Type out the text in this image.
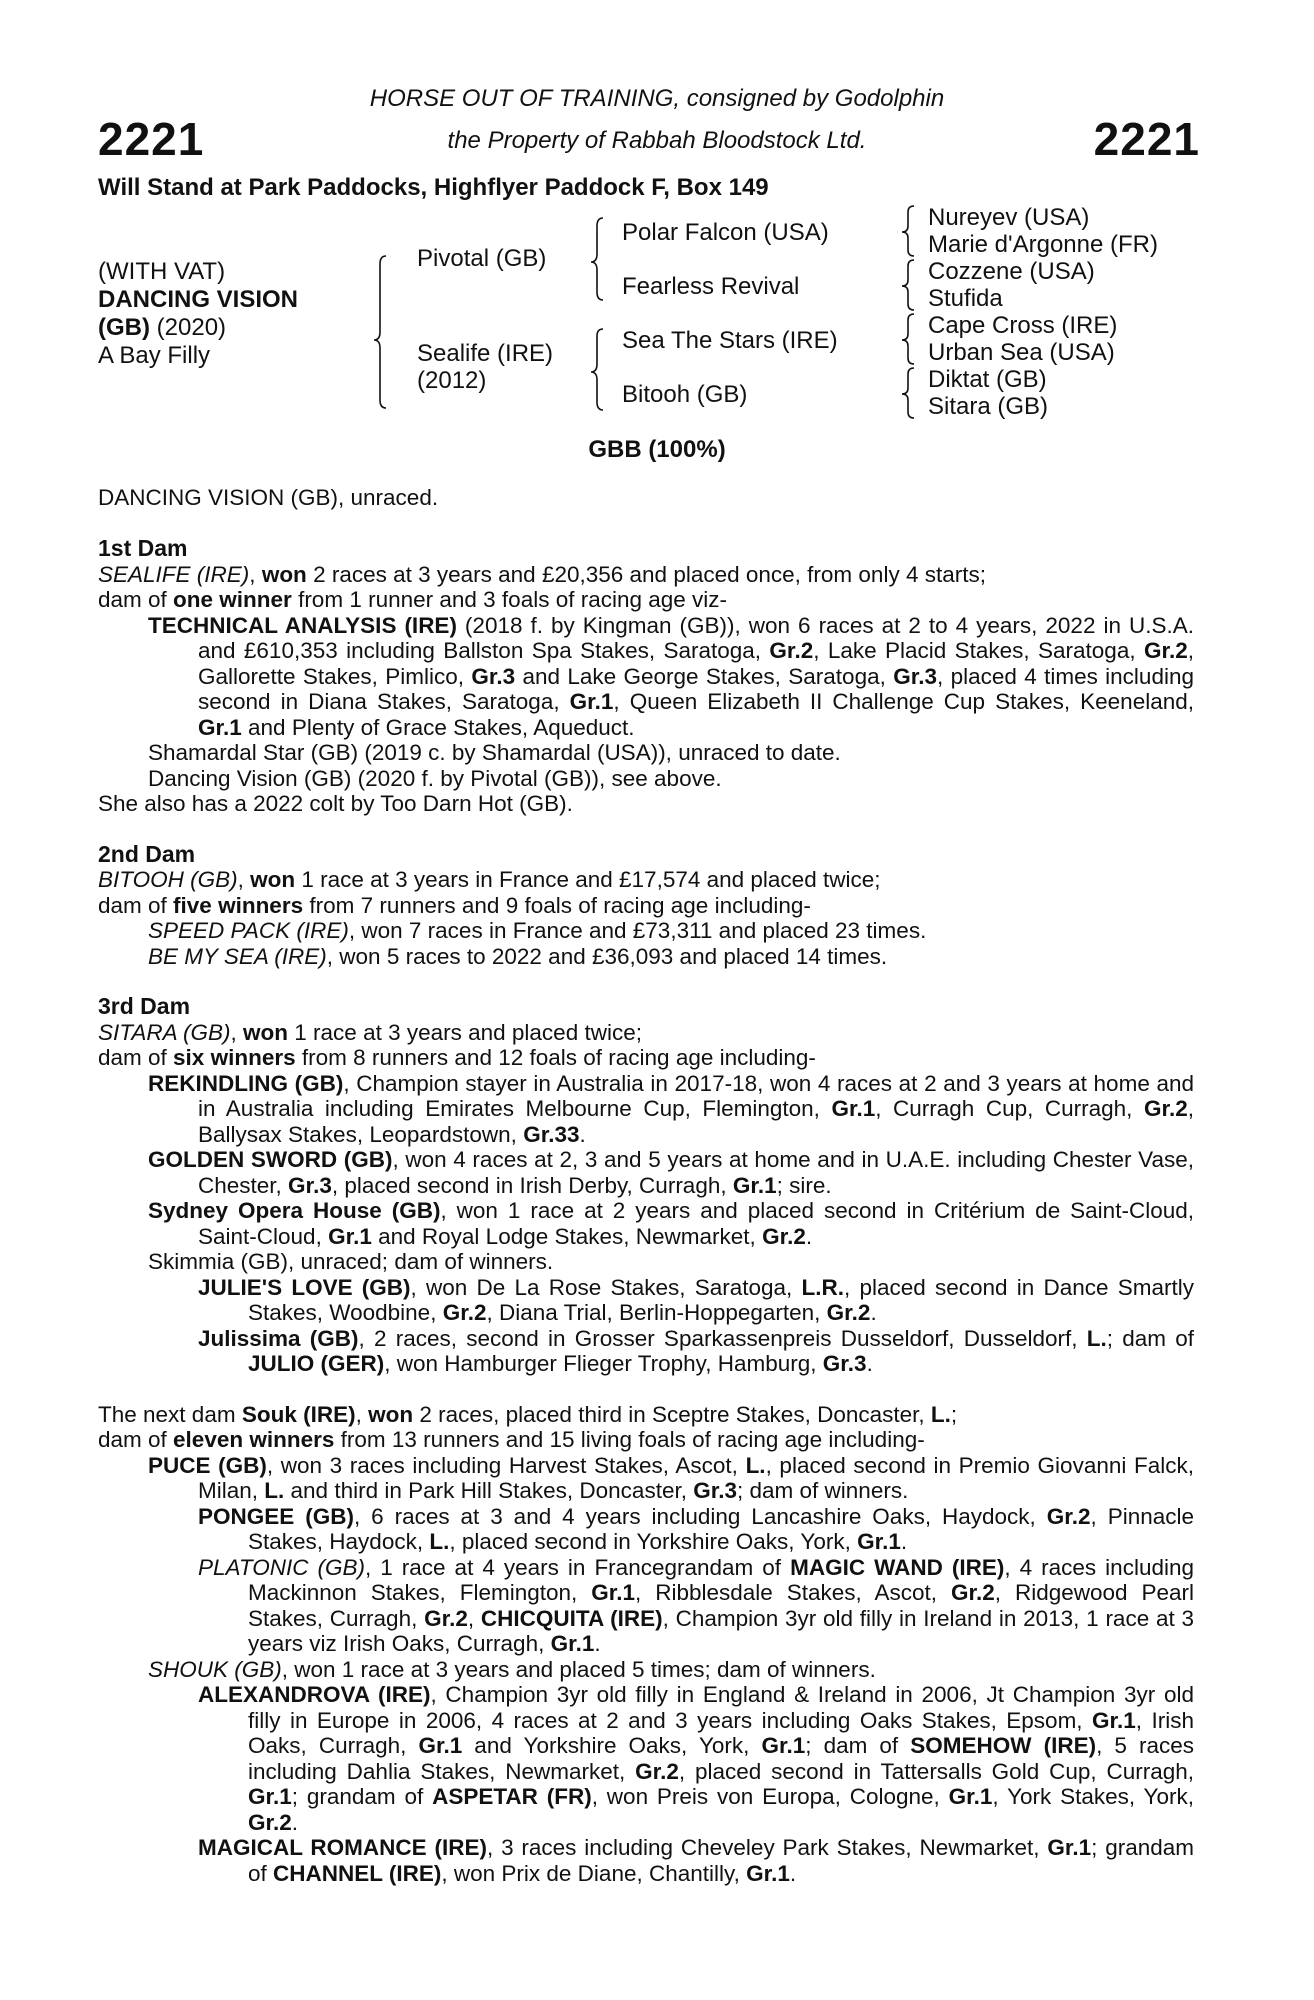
2221	2221
HORSE OUT OF TRAINING, consigned by Godolphin
the Property of Rabbah Bloodstock Ltd.
Will Stand at Park Paddocks, Highflyer Paddock F, Box 149
(WITH VAT)
DANCING VISION
(GB) (2020)
A Bay Filly
Pivotal (GB)
Sealife (IRE)
(2012)
Polar Falcon (USA)
Fearless Revival
Sea The Stars (IRE)
Bitooh (GB)
Nureyev (USA)
Marie d'Argonne (FR)
Cozzene (USA)
Stufida
Cape Cross (IRE)
Urban Sea (USA)
Diktat (GB)
Sitara (GB)
GBB (100%)
DANCING VISION (GB), unraced.

1st Dam

SEALIFE (IRE), won 2 races at 3 years and £20,356 and placed once, from only 4 starts;

dam of one winner from 1 runner and 3 foals of racing age viz-

TECHNICAL ANALYSIS (IRE) (2018 f. by Kingman (GB)), won 6 races at 2 to 4 years, 2022 in U.S.A. and £610,353 including Ballston Spa Stakes, Saratoga, Gr.2, Lake Placid Stakes, Saratoga, Gr.2, Gallorette Stakes, Pimlico, Gr.3 and Lake George Stakes, Saratoga, Gr.3, placed 4 times including second in Diana Stakes, Saratoga, Gr.1, Queen Elizabeth II Challenge Cup Stakes, Keeneland, Gr.1 and Plenty of Grace Stakes, Aqueduct.

Shamardal Star (GB) (2019 c. by Shamardal (USA)), unraced to date.

Dancing Vision (GB) (2020 f. by Pivotal (GB)), see above.

She also has a 2022 colt by Too Darn Hot (GB).

2nd Dam

BITOOH (GB), won 1 race at 3 years in France and £17,574 and placed twice;

dam of five winners from 7 runners and 9 foals of racing age including-

SPEED PACK (IRE), won 7 races in France and £73,311 and placed 23 times.

BE MY SEA (IRE), won 5 races to 2022 and £36,093 and placed 14 times.

3rd Dam

SITARA (GB), won 1 race at 3 years and placed twice;

dam of six winners from 8 runners and 12 foals of racing age including-

REKINDLING (GB), Champion stayer in Australia in 2017-18, won 4 races at 2 and 3 years at home and in Australia including Emirates Melbourne Cup, Flemington, Gr.1, Curragh Cup, Curragh, Gr.2, Ballysax Stakes, Leopardstown, Gr.33.

GOLDEN SWORD (GB), won 4 races at 2, 3 and 5 years at home and in U.A.E. including Chester Vase, Chester, Gr.3, placed second in Irish Derby, Curragh, Gr.1; sire.

Sydney Opera House (GB), won 1 race at 2 years and placed second in Critérium de Saint-Cloud, Saint-Cloud, Gr.1 and Royal Lodge Stakes, Newmarket, Gr.2.

Skimmia (GB), unraced; dam of winners.

JULIE'S LOVE (GB), won De La Rose Stakes, Saratoga, L.R., placed second in Dance Smartly Stakes, Woodbine, Gr.2, Diana Trial, Berlin-Hoppegarten, Gr.2.

Julissima (GB), 2 races, second in Grosser Sparkassenpreis Dusseldorf, Dusseldorf, L.; dam of JULIO (GER), won Hamburger Flieger Trophy, Hamburg, Gr.3.

The next dam Souk (IRE), won 2 races, placed third in Sceptre Stakes, Doncaster, L.;

dam of eleven winners from 13 runners and 15 living foals of racing age including-

PUCE (GB), won 3 races including Harvest Stakes, Ascot, L., placed second in Premio Giovanni Falck, Milan, L. and third in Park Hill Stakes, Doncaster, Gr.3; dam of winners.

PONGEE (GB), 6 races at 3 and 4 years including Lancashire Oaks, Haydock, Gr.2, Pinnacle Stakes, Haydock, L., placed second in Yorkshire Oaks, York, Gr.1.

PLATONIC (GB), 1 race at 4 years in Francegrandam of MAGIC WAND (IRE), 4 races including Mackinnon Stakes, Flemington, Gr.1, Ribblesdale Stakes, Ascot, Gr.2, Ridgewood Pearl Stakes, Curragh, Gr.2, CHICQUITA (IRE), Champion 3yr old filly in Ireland in 2013, 1 race at 3 years viz Irish Oaks, Curragh, Gr.1.

SHOUK (GB), won 1 race at 3 years and placed 5 times; dam of winners.

ALEXANDROVA (IRE), Champion 3yr old filly in England & Ireland in 2006, Jt Champion 3yr old filly in Europe in 2006, 4 races at 2 and 3 years including Oaks Stakes, Epsom, Gr.1, Irish Oaks, Curragh, Gr.1 and Yorkshire Oaks, York, Gr.1; dam of SOMEHOW (IRE), 5 races including Dahlia Stakes, Newmarket, Gr.2, placed second in Tattersalls Gold Cup, Curragh, Gr.1; grandam of ASPETAR (FR), won Preis von Europa, Cologne, Gr.1, York Stakes, York, Gr.2.

MAGICAL ROMANCE (IRE), 3 races including Cheveley Park Stakes, Newmarket, Gr.1; grandam of CHANNEL (IRE), won Prix de Diane, Chantilly, Gr.1.
